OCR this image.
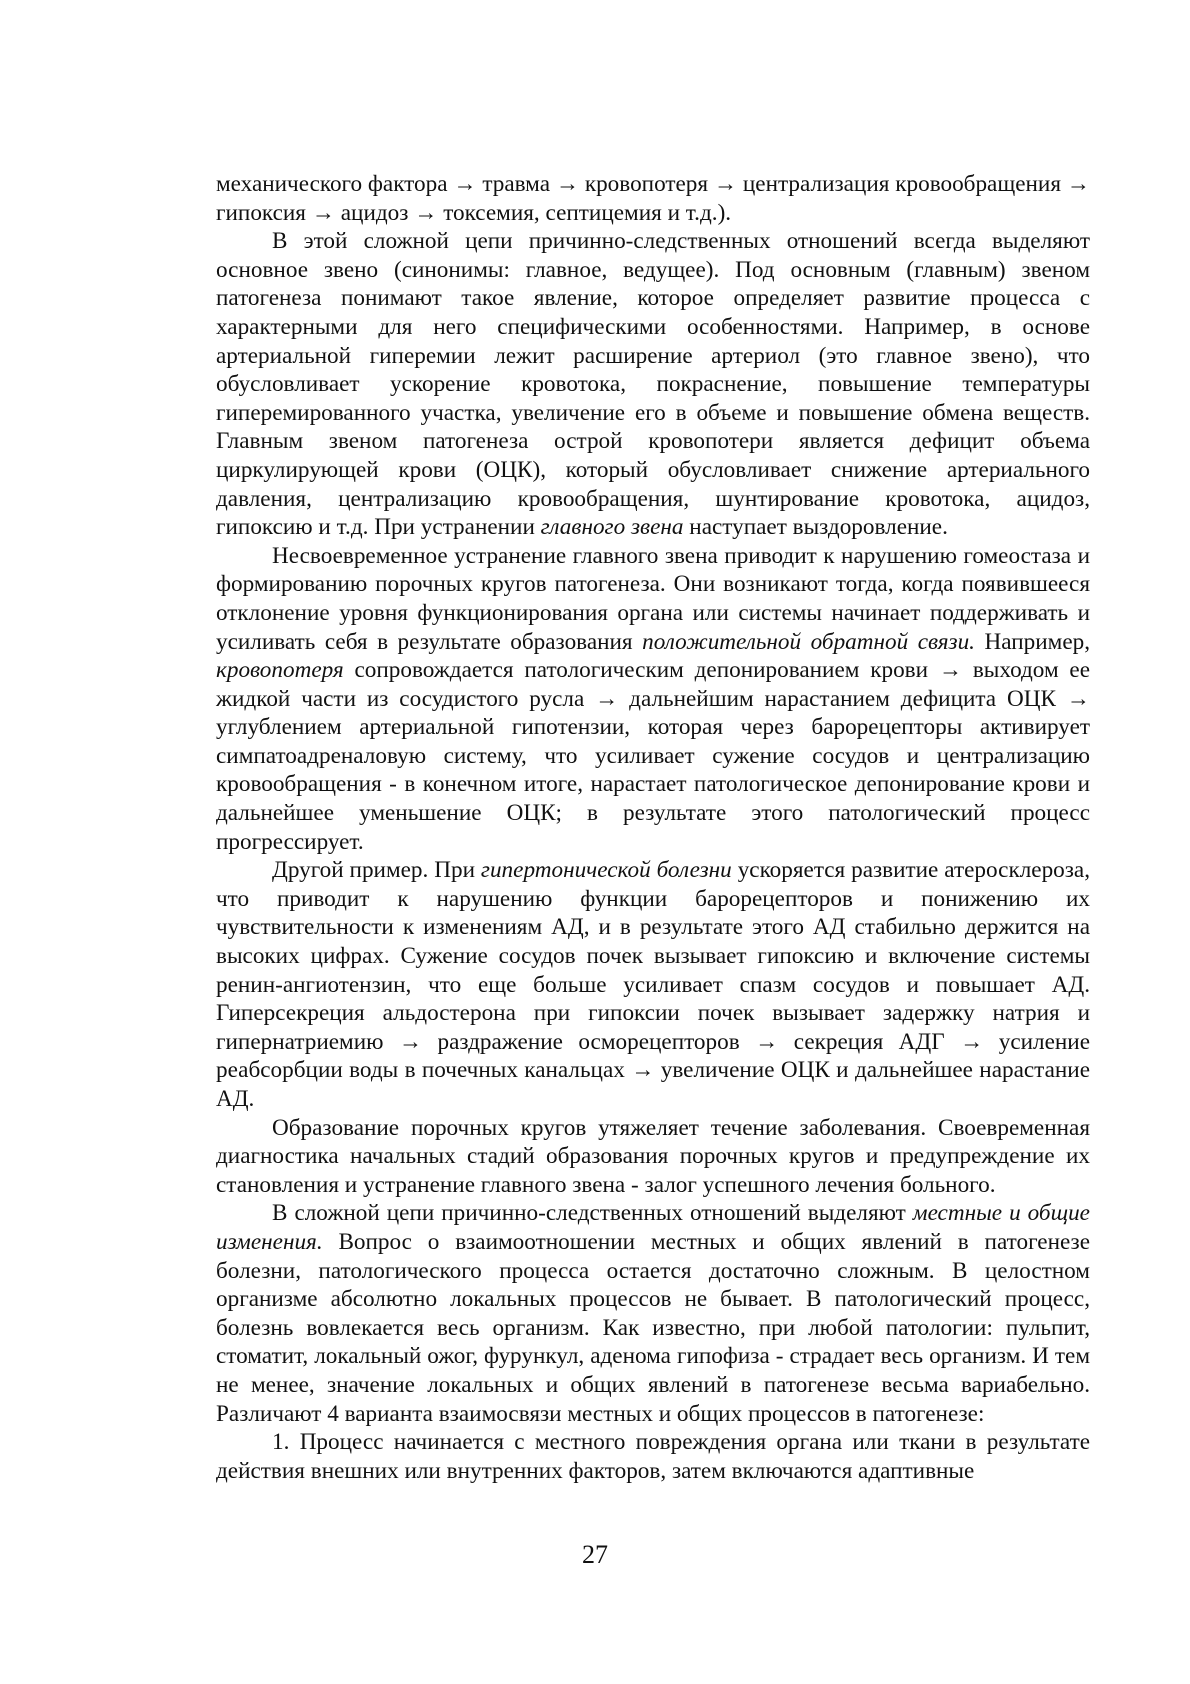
механического фактора → травма → кровопотеря → централизация кровообращения → гипоксия → ацидоз → токсемия, септицемия и т.д.).

В этой сложной цепи причинно-следственных отношений всегда выделяют основное звено (синонимы: главное, ведущее). Под основным (главным) звеном патогенеза понимают такое явление, которое определяет развитие процесса с характерными для него специфическими особенностями. Например, в основе артериальной гиперемии лежит расширение артериол (это главное звено), что обусловливает ускорение кровотока, покраснение, повышение температуры гиперемированного участка, увеличение его в объеме и повышение обмена веществ. Главным звеном патогенеза острой кровопотери является дефицит объема циркулирующей крови (ОЦК), который обусловливает снижение артериального давления, централизацию кровообращения, шунтирование кровотока, ацидоз, гипоксию и т.д. При устранении главного звена наступает выздоровление.

Несвоевременное устранение главного звена приводит к нарушению гомеостаза и формированию порочных кругов патогенеза. Они возникают тогда, когда появившееся отклонение уровня функционирования органа или системы начинает поддерживать и усиливать себя в результате образования положительной обратной связи. Например, кровопотеря сопровождается патологическим депонированием крови → выходом ее жидкой части из сосудистого русла → дальнейшим нарастанием дефицита ОЦК → углублением артериальной гипотензии, которая через барорецепторы активирует симпатоадреналовую систему, что усиливает сужение сосудов и централизацию кровообращения - в конечном итоге, нарастает патологическое депонирование крови и дальнейшее уменьшение ОЦК; в результате этого патологический процесс прогрессирует.

Другой пример. При гипертонической болезни ускоряется развитие атеросклероза, что приводит к нарушению функции барорецепторов и понижению их чувствительности к изменениям АД, и в результате этого АД стабильно держится на высоких цифрах. Сужение сосудов почек вызывает гипоксию и включение системы ренин-ангиотензин, что еще больше усиливает спазм сосудов и повышает АД. Гиперсекреция альдостерона при гипоксии почек вызывает задержку натрия и гипернатриемию → раздражение осморецепторов → секреция АДГ → усиление реабсорбции воды в почечных канальцах → увеличение ОЦК и дальнейшее нарастание АД.

Образование порочных кругов утяжеляет течение заболевания. Своевременная диагностика начальных стадий образования порочных кругов и предупреждение их становления и устранение главного звена - залог успешного лечения больного.

В сложной цепи причинно-следственных отношений выделяют местные и общие изменения. Вопрос о взаимоотношении местных и общих явлений в патогенезе болезни, патологического процесса остается достаточно сложным. В целостном организме абсолютно локальных процессов не бывает. В патологический процесс, болезнь вовлекается весь организм. Как известно, при любой патологии: пульпит, стоматит, локальный ожог, фурункул, аденома гипофиза - страдает весь организм. И тем не менее, значение локальных и общих явлений в патогенезе весьма вариабельно. Различают 4 варианта взаимосвязи местных и общих процессов в патогенезе:

1. Процесс начинается с местного повреждения органа или ткани в результате действия внешних или внутренних факторов, затем включаются адаптивные

27
